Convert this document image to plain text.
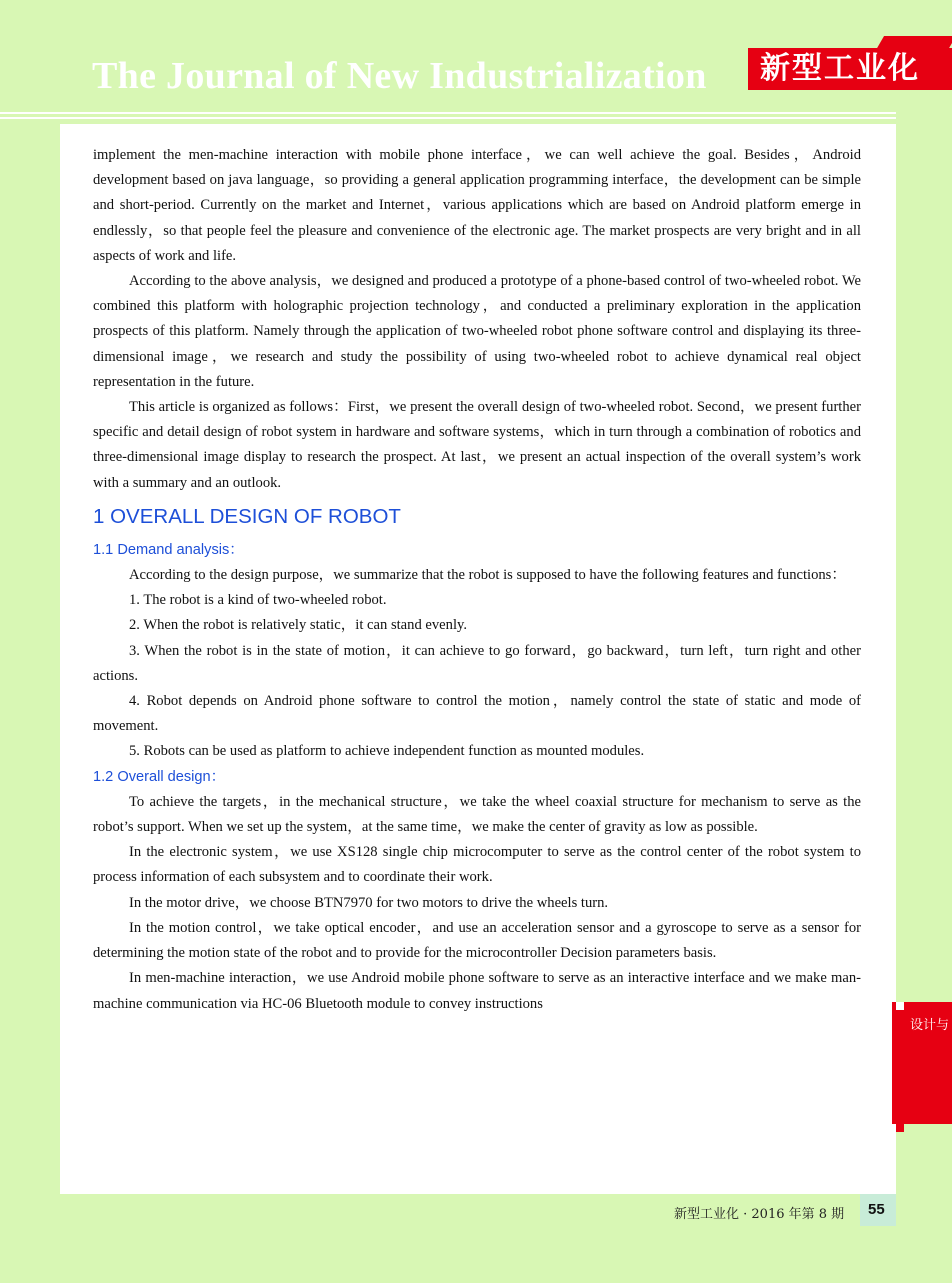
The Journal of New Industrialization	新型工业化

implement the men-machine interaction with mobile phone interface，we can well achieve the goal. Besides，Android development based on java language，so providing a general application programming interface，the development can be simple and short-period. Currently on the market and Internet，various applications which are based on Android platform emerge in endlessly，so that people feel the pleasure and convenience of the electronic age. The market prospects are very bright and in all aspects of work and life.

According to the above analysis，we designed and produced a prototype of a phone-based control of two-wheeled robot. We combined this platform with holographic projection technology，and conducted a preliminary exploration in the application prospects of this platform. Namely through the application of two-wheeled robot phone software control and displaying its three-dimensional image，we research and study the possibility of using two-wheeled robot to achieve dynamical real object representation in the future.

This article is organized as follows：First，we present the overall design of two-wheeled robot. Second，we present further specific and detail design of robot system in hardware and software systems，which in turn through a combination of robotics and three-dimensional image display to research the prospect. At last，we present an actual inspection of the overall system’s work with a summary and an outlook.

1 OVERALL DESIGN OF ROBOT
1.1 Demand analysis：

According to the design purpose，we summarize that the robot is supposed to have the following features and functions：

1. The robot is a kind of two-wheeled robot.

2. When the robot is relatively static，it can stand evenly.

3. When the robot is in the state of motion，it can achieve to go forward，go backward，turn left，turn right and other actions.

4. Robot depends on Android phone software to control the motion，namely control the state of static and mode of movement.

5. Robots can be used as platform to achieve independent function as mounted modules.

1.2 Overall design：

To achieve the targets，in the mechanical structure，we take the wheel coaxial structure for mechanism to serve as the robot’s support. When we set up the system，at the same time，we make the center of gravity as low as possible.

In the electronic system，we use XS128 single chip microcomputer to serve as the control center of the robot system to process information of each subsystem and to coordinate their work.

In the motor drive，we choose BTN7970 for two motors to drive the wheels turn.

In the motion control，we take optical encoder，and use an acceleration sensor and a gyroscope to serve as a sensor for determining the motion state of the robot and to provide for the microcontroller Decision parameters basis.

In men-machine interaction，we use Android mobile phone software to serve as an interactive interface and we make man-machine communication via HC-06 Bluetooth module to convey instructions

设计与
新型工业化 · 2016 年第 8 期 55
